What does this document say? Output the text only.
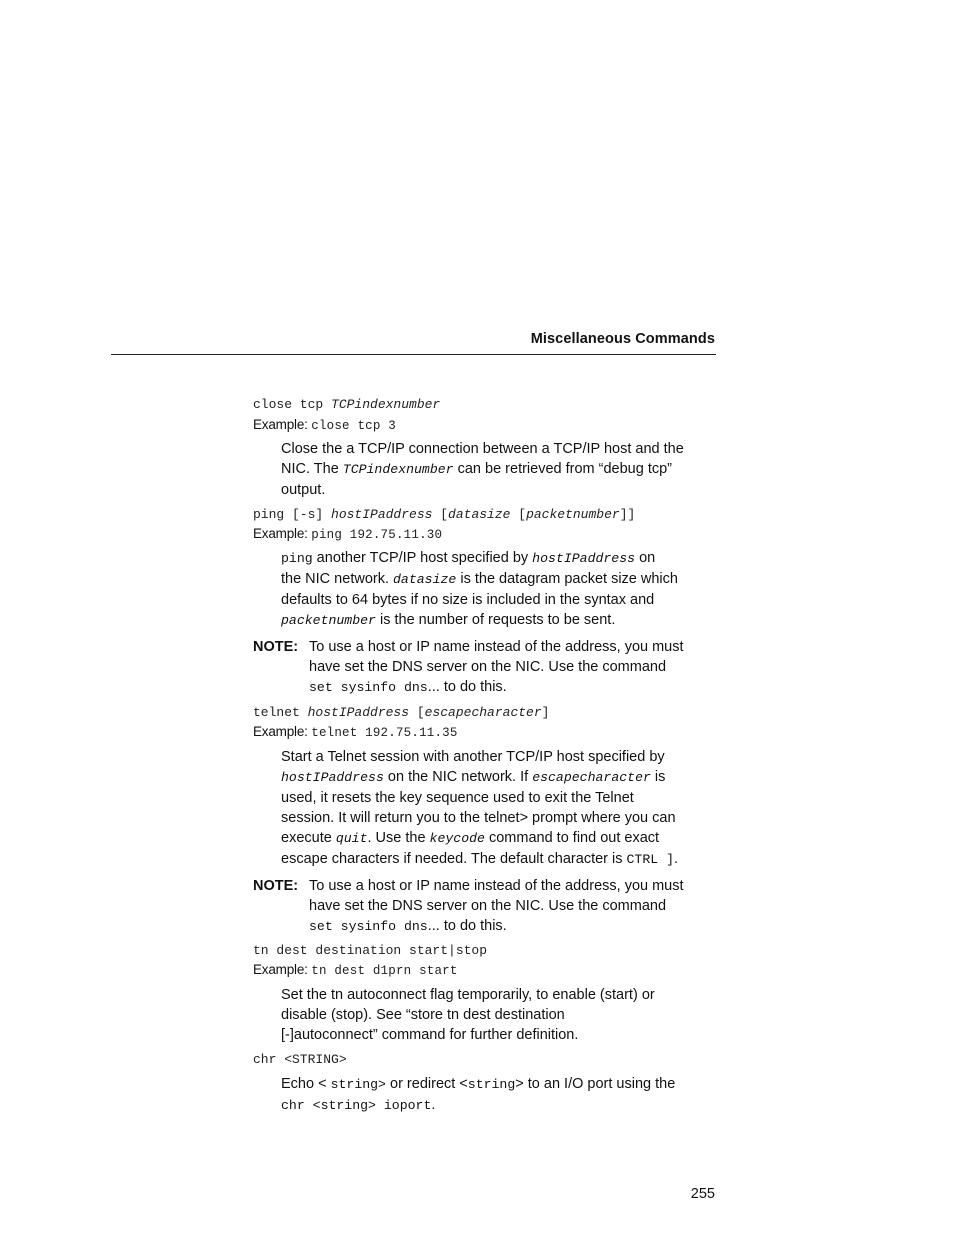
Miscellaneous Commands
close tcp TCPindexnumber
Example: close tcp 3
Close the a TCP/IP connection between a TCP/IP host and the
NIC. The TCPindexnumber can be retrieved from “debug tcp”
output.
ping [-s] hostIPaddress [datasize [packetnumber]]
Example: ping 192.75.11.30
ping another TCP/IP host specified by hostIPaddress on
the NIC network. datasize is the datagram packet size which
defaults to 64 bytes if no size is included in the syntax and
packetnumber is the number of requests to be sent.
NOTE: To use a host or IP name instead of the address, you must
have set the DNS server on the NIC. Use the command
set sysinfo dns... to do this.
telnet hostIPaddress [escapecharacter]
Example: telnet 192.75.11.35
Start a Telnet session with another TCP/IP host specified by
hostIPaddress on the NIC network. If escapecharacter is
used, it resets the key sequence used to exit the Telnet
session. It will return you to the telnet> prompt where you can
execute quit. Use the keycode command to find out exact
escape characters if needed. The default character is CTRL ].
NOTE: To use a host or IP name instead of the address, you must
have set the DNS server on the NIC. Use the command
set sysinfo dns... to do this.
tn dest destination start|stop
Example: tn dest d1prn start
Set the tn autoconnect flag temporarily, to enable (start) or
disable (stop). See “store tn dest destination
[-]autoconnect” command for further definition.
chr <STRING>
Echo < string> or redirect <string> to an I/O port using the
chr <string> ioport.
255
